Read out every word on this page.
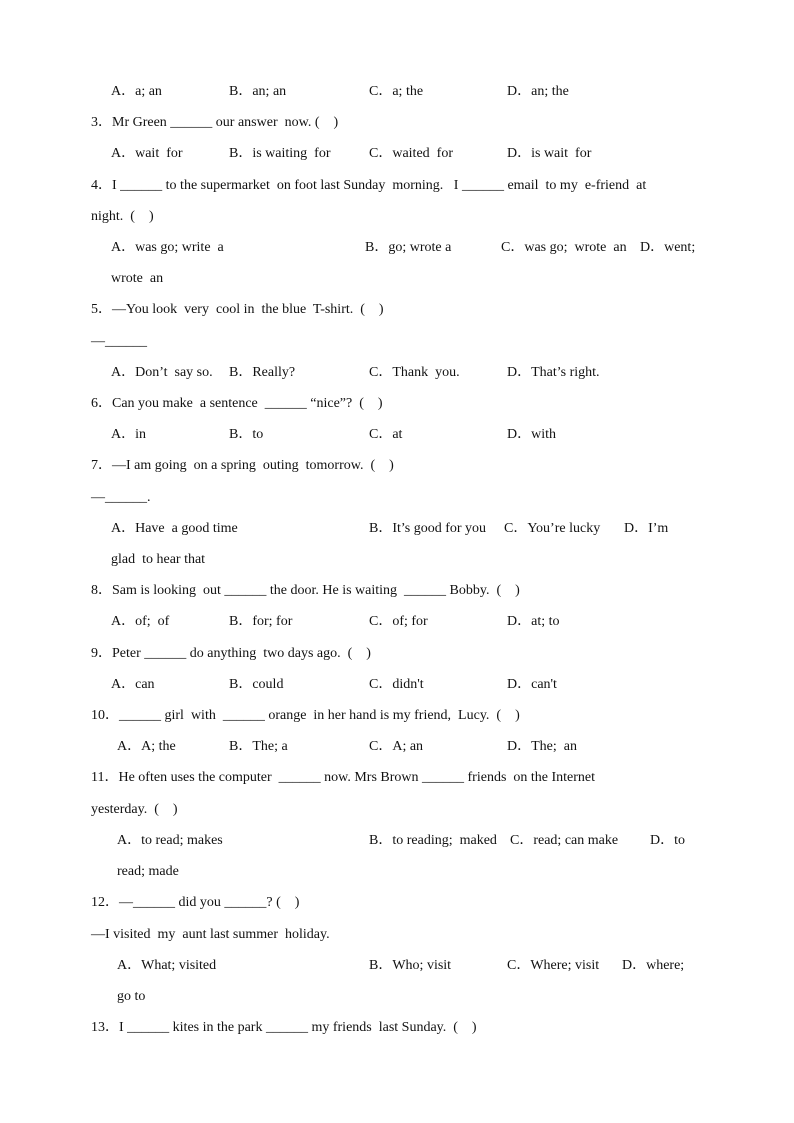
A．a; an	B．an; an	C．a; the	D．an; the
3．Mr Green ______ our answer  now. (    )
A．wait  for	B．is waiting  for	C．waited  for	D．is wait  for
4．I ______ to the supermarket  on foot last Sunday  morning.   I ______ email  to my  e-friend  at
night.  (    )
A．was go; write  a	B．go; wrote a	C．was go;  wrote  an D．went;
wrote  an
5．—You look  very  cool in  the blue  T-shirt.  (    )
—______
A．Don’t  say so. B．Really?	C．Thank  you.	D．That’s right.
6．Can you make  a sentence  ______ “nice”?  (    )
A．in	B．to	C．at	D．with
7．—I am going  on a spring  outing  tomorrow.  (    )
—______.
A．Have  a good time	B．It’s good for you C．You’re lucky D．I’m
glad  to hear that
8．Sam is looking  out ______ the door. He is waiting  ______ Bobby.  (    )
A．of;  of	B．for; for	C．of; for	D．at; to
9．Peter ______ do anything  two days ago.  (    )
A．can	B．could	C．didn't	D．can't
10．______ girl  with  ______ orange  in her hand is my friend,  Lucy.  (    )
A．A; the	B．The; a	C．A; an	D．The;  an
11．He often uses the computer  ______ now. Mrs Brown ______ friends  on the Internet
yesterday.  (    )
A．to read; makes	B．to reading;  maked C．read; can make D．to
read; made
12．—______ did you ______? (    )
—I visited  my  aunt last summer  holiday.
A．What; visited	B．Who; visit	C．Where; visit D．where;
go to
13．I ______ kites in the park ______ my friends  last Sunday.  (    )
